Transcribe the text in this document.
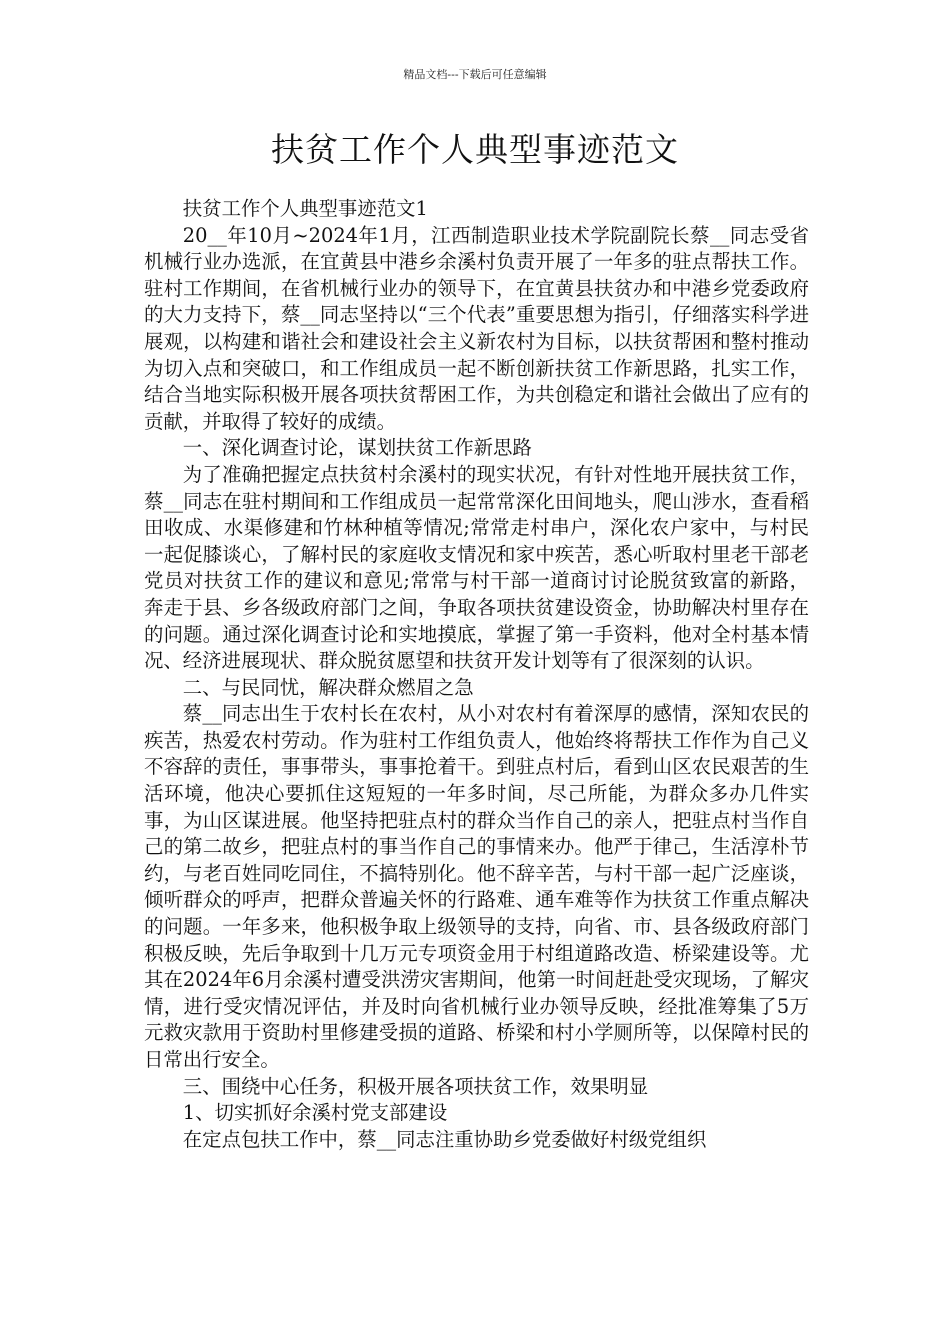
精品文档---下载后可任意编辑
扶贫工作个人典型事迹范文

扶贫工作个人典型事迹范文1

20__年10月~2024年1月，江西制造职业技术学院副院长蔡__同志受省机械行业办选派，在宜黄县中港乡余溪村负责开展了一年多的驻点帮扶工作。驻村工作期间，在省机械行业办的领导下，在宜黄县扶贫办和中港乡党委政府的大力支持下，蔡__同志坚持以“三个代表”重要思想为指引，仔细落实科学进展观，以构建和谐社会和建设社会主义新农村为目标，以扶贫帮困和整村推动为切入点和突破口，和工作组成员一起不断创新扶贫工作新思路，扎实工作，结合当地实际积极开展各项扶贫帮困工作，为共创稳定和谐社会做出了应有的贡献，并取得了较好的成绩。

一、深化调查讨论，谋划扶贫工作新思路

为了准确把握定点扶贫村余溪村的现实状况，有针对性地开展扶贫工作，蔡__同志在驻村期间和工作组成员一起常常深化田间地头，爬山涉水，查看稻田收成、水渠修建和竹林种植等情况;常常走村串户，深化农户家中，与村民一起促膝谈心，了解村民的家庭收支情况和家中疾苦，悉心听取村里老干部老党员对扶贫工作的建议和意见;常常与村干部一道商讨讨论脱贫致富的新路，奔走于县、乡各级政府部门之间，争取各项扶贫建设资金，协助解决村里存在的问题。通过深化调查讨论和实地摸底，掌握了第一手资料，他对全村基本情况、经济进展现状、群众脱贫愿望和扶贫开发计划等有了很深刻的认识。

二、与民同忧，解决群众燃眉之急

蔡__同志出生于农村长在农村，从小对农村有着深厚的感情，深知农民的疾苦，热爱农村劳动。作为驻村工作组负责人，他始终将帮扶工作作为自己义不容辞的责任，事事带头，事事抢着干。到驻点村后，看到山区农民艰苦的生活环境，他决心要抓住这短短的一年多时间，尽己所能，为群众多办几件实事，为山区谋进展。他坚持把驻点村的群众当作自己的亲人，把驻点村当作自己的第二故乡，把驻点村的事当作自己的事情来办。他严于律己，生活淳朴节约，与老百姓同吃同住，不搞特别化。他不辞辛苦，与村干部一起广泛座谈，倾听群众的呼声，把群众普遍关怀的行路难、通车难等作为扶贫工作重点解决的问题。一年多来，他积极争取上级领导的支持，向省、市、县各级政府部门积极反映，先后争取到十几万元专项资金用于村组道路改造、桥梁建设等。尤其在2024年6月余溪村遭受洪涝灾害期间，他第一时间赶赴受灾现场，了解灾情，进行受灾情况评估，并及时向省机械行业办领导反映，经批准筹集了5万元救灾款用于资助村里修建受损的道路、桥梁和村小学厕所等，以保障村民的日常出行安全。

三、围绕中心任务，积极开展各项扶贫工作，效果明显

1、切实抓好余溪村党支部建设

在定点包扶工作中，蔡__同志注重协助乡党委做好村级党组织
